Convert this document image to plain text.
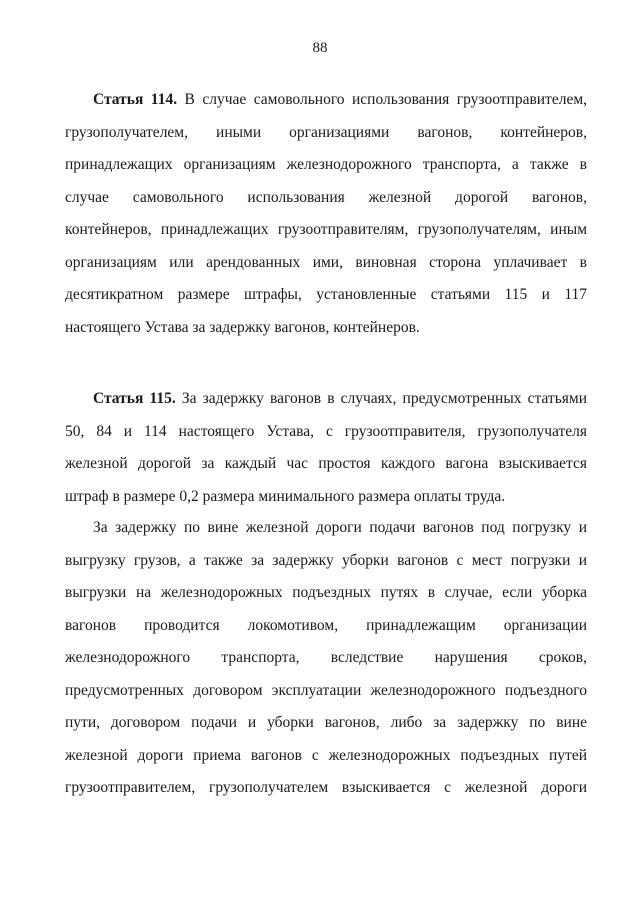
88
Статья 114. В случае самовольного использования грузоотправителем,
грузополучателем, иными организациями вагонов, контейнеров,
принадлежащих организациям железнодорожного транспорта, а также в
случае самовольного использования железной дорогой вагонов,
контейнеров, принадлежащих грузоотправителям, грузополучателям, иным
организациям или арендованных ими, виновная сторона уплачивает в
десятикратном размере штрафы, установленные статьями 115 и 117
настоящего Устава за задержку вагонов, контейнеров.
Статья 115. За задержку вагонов в случаях, предусмотренных статьями
50, 84 и 114 настоящего Устава, с грузоотправителя, грузополучателя
железной дорогой за каждый час простоя каждого вагона взыскивается
штраф в размере 0,2 размера минимального размера оплаты труда.
За задержку по вине железной дороги подачи вагонов под погрузку и
выгрузку грузов, а также за задержку уборки вагонов с мест погрузки и
выгрузки на железнодорожных подъездных путях в случае, если уборка
вагонов проводится локомотивом, принадлежащим организации
железнодорожного транспорта, вследствие нарушения сроков,
предусмотренных договором эксплуатации железнодорожного подъездного
пути, договором подачи и уборки вагонов, либо за задержку по вине
железной дороги приема вагонов с железнодорожных подъездных путей
грузоотправителем, грузополучателем взыскивается с железной дороги
